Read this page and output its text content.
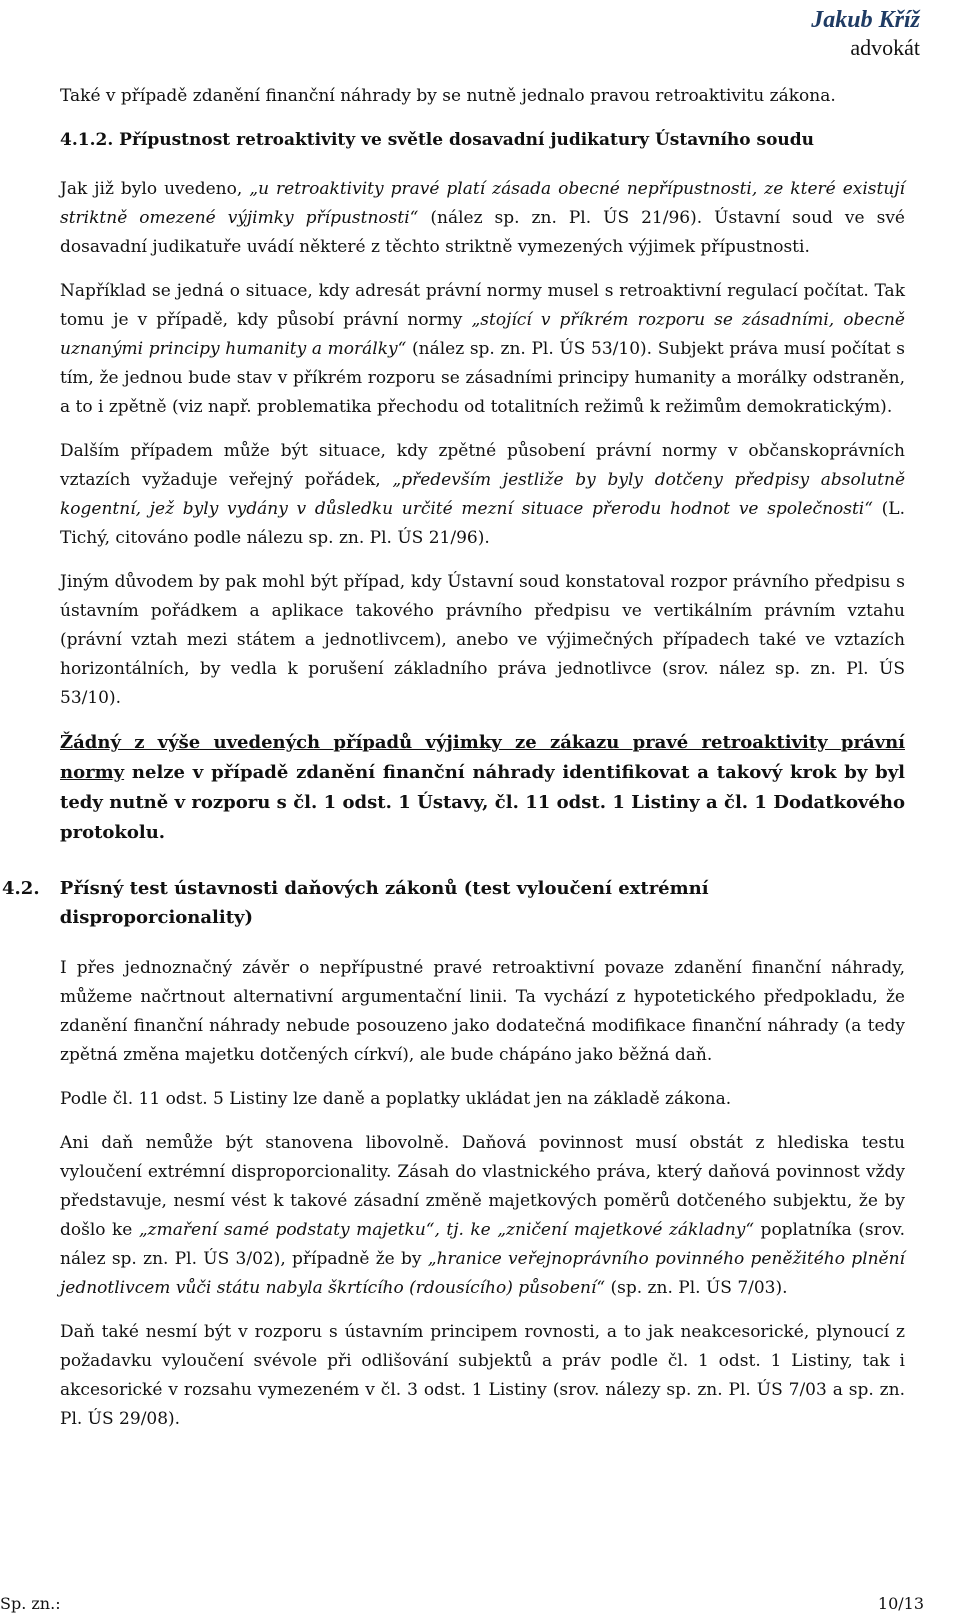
Jakub Kříž
advokát

Také v případě zdanění finanční náhrady by se nutně jednalo pravou retroaktivitu zákona.

4.1.2. Přípustnost retroaktivity ve světle dosavadní judikatury Ústavního soudu

Jak již bylo uvedeno, „u retroaktivity pravé platí zásada obecné nepřípustnosti, ze které existují striktně omezené výjimky přípustnosti“ (nález sp. zn. Pl. ÚS 21/96). Ústavní soud ve své dosavadní judikatuře uvádí některé z těchto striktně vymezených výjimek přípustnosti.

Například se jedná o situace, kdy adresát právní normy musel s retroaktivní regulací počítat. Tak tomu je v případě, kdy působí právní normy „stojící v příkrém rozporu se zásadními, obecně uznanými principy humanity a morálky“ (nález sp. zn. Pl. ÚS 53/10). Subjekt práva musí počítat s tím, že jednou bude stav v příkrém rozporu se zásadními principy humanity a morálky odstraněn, a to i zpětně (viz např. problematika přechodu od totalitních režimů k režimům demokratickým).

Dalším případem může být situace, kdy zpětné působení právní normy v občanskoprávních vztazích vyžaduje veřejný pořádek, „především jestliže by byly dotčeny předpisy absolutně kogentní, jež byly vydány v důsledku určité mezní situace přerodu hodnot ve společnosti“ (L. Tichý, citováno podle nálezu sp. zn. Pl. ÚS 21/96).

Jiným důvodem by pak mohl být případ, kdy Ústavní soud konstatoval rozpor právního předpisu s ústavním pořádkem a aplikace takového právního předpisu ve vertikálním právním vztahu (právní vztah mezi státem a jednotlivcem), anebo ve výjimečných případech také ve vztazích horizontálních, by vedla k porušení základního práva jednotlivce (srov. nález sp. zn. Pl. ÚS 53/10).

Žádný z výše uvedených případů výjimky ze zákazu pravé retroaktivity právní normy nelze v případě zdanění finanční náhrady identifikovat a takový krok by byl tedy nutně v rozporu s čl. 1 odst. 1 Ústavy, čl. 11 odst. 1 Listiny a čl. 1 Dodatkového protokolu.

4.2.	Přísný test ústavnosti daňových zákonů (test vyloučení extrémní disproporcionality)

I přes jednoznačný závěr o nepřípustné pravé retroaktivní povaze zdanění finanční náhrady, můžeme načrtnout alternativní argumentační linii. Ta vychází z hypotetického předpokladu, že zdanění finanční náhrady nebude posouzeno jako dodatečná modifikace finanční náhrady (a tedy zpětná změna majetku dotčených církví), ale bude chápáno jako běžná daň.

Podle čl. 11 odst. 5 Listiny lze daně a poplatky ukládat jen na základě zákona.

Ani daň nemůže být stanovena libovolně. Daňová povinnost musí obstát z hlediska testu vyloučení extrémní disproporcionality. Zásah do vlastnického práva, který daňová povinnost vždy představuje, nesmí vést k takové zásadní změně majetkových poměrů dotčeného subjektu, že by došlo ke „zmaření samé podstaty majetku“, tj. ke „zničení majetkové základny“ poplatníka (srov. nález sp. zn. Pl. ÚS 3/02), případně že by „hranice veřejnoprávního povinného peněžitého plnění jednotlivcem vůči státu nabyla škrtícího (rdousícího) působení“ (sp. zn. Pl. ÚS 7/03).

Daň také nesmí být v rozporu s ústavním principem rovnosti, a to jak neakcesorické, plynoucí z požadavku vyloučení svévole při odlišování subjektů a práv podle čl. 1 odst. 1 Listiny, tak i akcesorické v rozsahu vymezeném v čl. 3 odst. 1 Listiny (srov. nálezy sp. zn. Pl. ÚS 7/03 a sp. zn. Pl. ÚS 29/08).

Sp. zn.:	10/13
